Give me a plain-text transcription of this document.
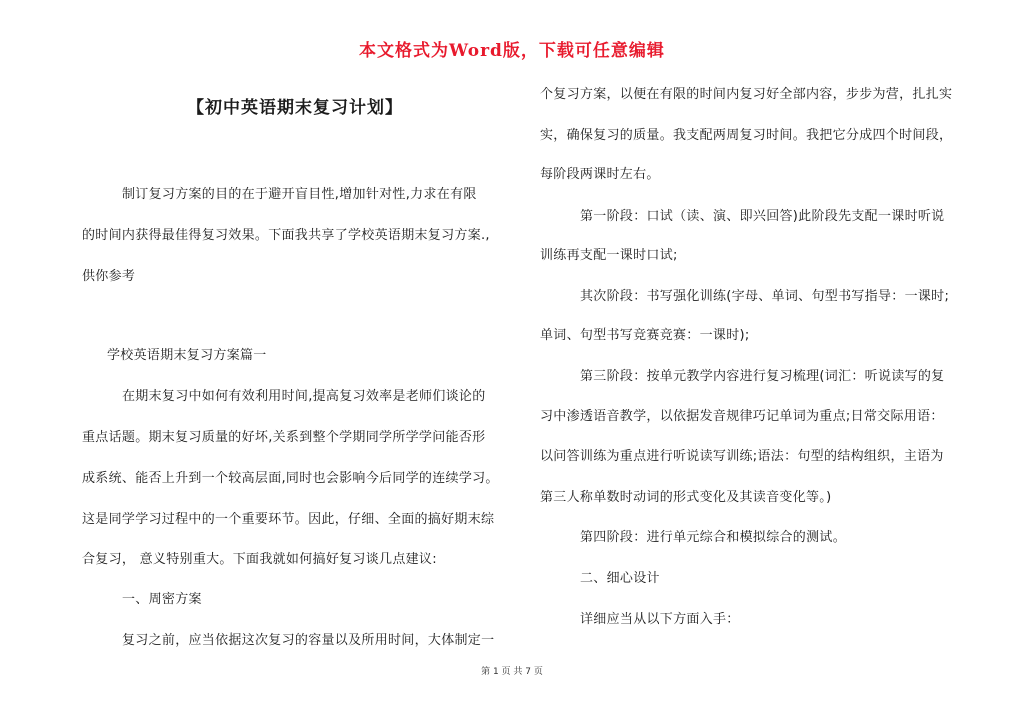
本文格式为Word版，下载可任意编辑
【初中英语期末复习计划】
制订复习方案的目的在于避开盲目性,增加针对性,力求在有限
的时间内获得最佳得复习效果。下面我共享了学校英语期末复习方案.,
供你参考
学校英语期末复习方案篇一
在期末复习中如何有效利用时间,提高复习效率是老师们谈论的
重点话题。期末复习质量的好坏,关系到整个学期同学所学学问能否形
成系统、能否上升到一个较高层面,同时也会影响今后同学的连续学习。
这是同学学习过程中的一个重要环节。因此，仔细、全面的搞好期末综
合复习， 意义特别重大。下面我就如何搞好复习谈几点建议:
一、周密方案
复习之前，应当依据这次复习的容量以及所用时间，大体制定一
个复习方案，以便在有限的时间内复习好全部内容，步步为营，扎扎实
实，确保复习的质量。我支配两周复习时间。我把它分成四个时间段，
每阶段两课时左右。
第一阶段：口试（读、演、即兴回答)此阶段先支配一课时听说
训练再支配一课时口试;
其次阶段：书写强化训练(字母、单词、句型书写指导：一课时;
单词、句型书写竞赛竞赛：一课时);
第三阶段：按单元教学内容进行复习梳理(词汇：听说读写的复
习中渗透语音教学，以依据发音规律巧记单词为重点;日常交际用语：
以问答训练为重点进行听说读写训练;语法：句型的结构组织，主语为
第三人称单数时动词的形式变化及其读音变化等。)
第四阶段：进行单元综合和模拟综合的测试。
二、细心设计
详细应当从以下方面入手：
第 1 页 共 7 页
